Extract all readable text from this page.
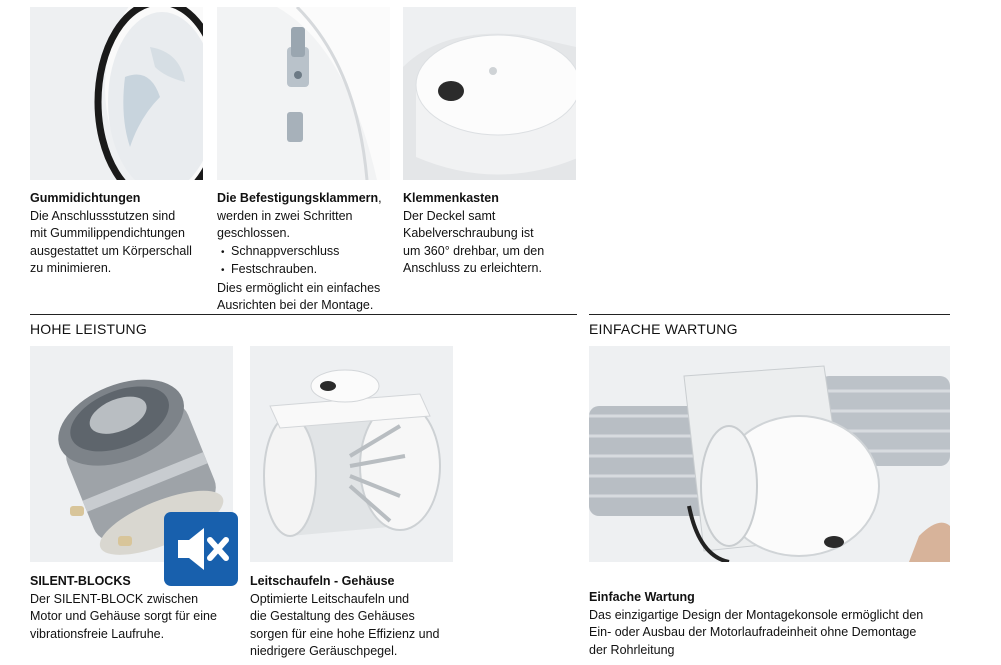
Gummidichtungen
Die Anschlussstutzen sind
mit Gummilippendichtungen
ausgestattet um Körperschall
zu minimieren.
Die Befestigungsklammern,
werden in zwei Schritten
geschlossen.
• Schnappverschluss
• Festschrauben.
Dies ermöglicht ein einfaches
Ausrichten bei der Montage.
Klemmenkasten
Der Deckel samt
Kabelverschraubung ist
um 360° drehbar, um den
Anschluss zu erleichtern.
HOHE LEISTUNG	EINFACHE WARTUNG
SILENT-BLOCKS
Der SILENT-BLOCK zwischen
Motor und Gehäuse sorgt für eine
vibrationsfreie Laufruhe.
Leitschaufeln - Gehäuse
Optimierte Leitschaufeln und
die Gestaltung des Gehäuses
sorgen für eine hohe Effizienz und
niedrigere Geräuschpegel.
Einfache Wartung
Das einzigartige Design der Montagekonsole ermöglicht den
Ein- oder Ausbau der Motorlaufradeinheit ohne Demontage
der Rohrleitung
